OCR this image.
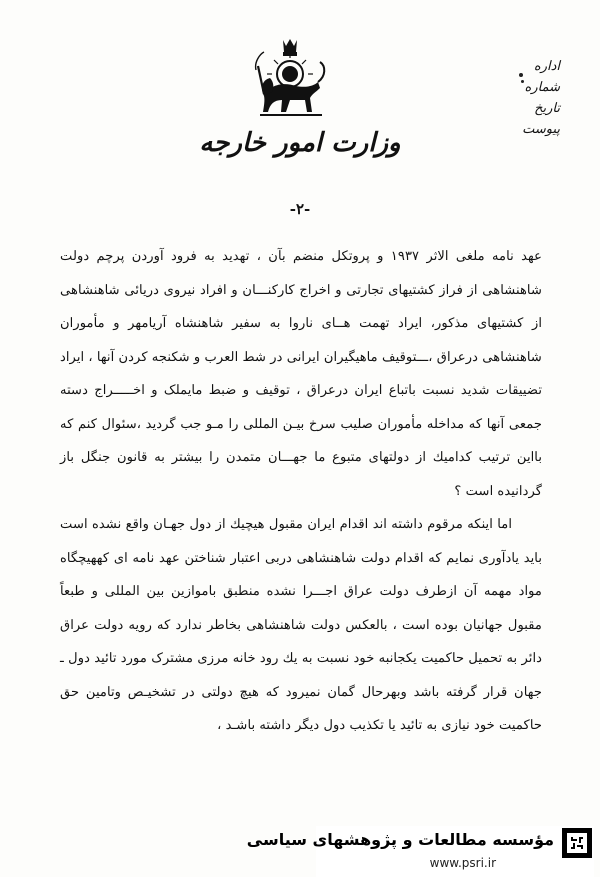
وزارت امور خارجه
اداره
شماره
تاریخ
پیوست
-۲-

عهد نامه ملغی الاثر ۱۹۳۷ و پروتکل منضم بآن ، تهدید به فرود آوردن پرچم دولت شاهنشاهی از فراز کشتیهای تجارتی و اخراج کارکنـــان و افراد نیروی دریائی شاهنشاهی از کشتیهای مذکور، ایراد تهمت هــای ناروا به سفیر شاهنشاه آریامهر و مأموران شاهنشاهی درعراق ،ـــتوقیف ماهیگیران ایرانی در شط العرب و شکنجه کردن آنها ، ایراد تضییقات شدید نسبت باتباع ایران درعراق ، توقیف و ضبط مایملک و اخـــــراج دسته جمعی آنها که مداخله مأموران صلیب سرخ بیـن المللی را مـو جب گردید ،سئوال کنم که بااین ترتیب کدامیك از دولتهای متبوع ما جهـــان متمدن را بیشتر به قانون جنگل باز گردانیده است ؟

اما اینکه مرقوم داشته اند اقدام ایران مقبول هیچیك از دول جهـان واقع نشده است باید یادآوری نمایم که اقدام دولت شاهنشاهی دربی اعتبار شناختن عهد نامه ای کههیچگاه مواد مهمه آن ازطرف دولت عراق اجـــرا نشده منطبق باموازین بین المللی و طبعاً مقبول جهانیان بوده است ، بالعکس دولت شاهنشاهی بخاطر ندارد که رویه دولت عراق دائر به تحمیل حاکمیت یکجانبه خود نسبت به یك رود خانه مرزی مشترک مورد تائید دول ـ جهان قرار گرفته باشد وبهرحال گمان نمیرود که هیچ دولتی در تشخیـص وتامین حق حاکمیت خود نیازی به تائید یا تکذیب دول دیگر داشته باشـد ،

مؤسسه مطالعات و پژوهشهای سیاسی
www.psri.ir
